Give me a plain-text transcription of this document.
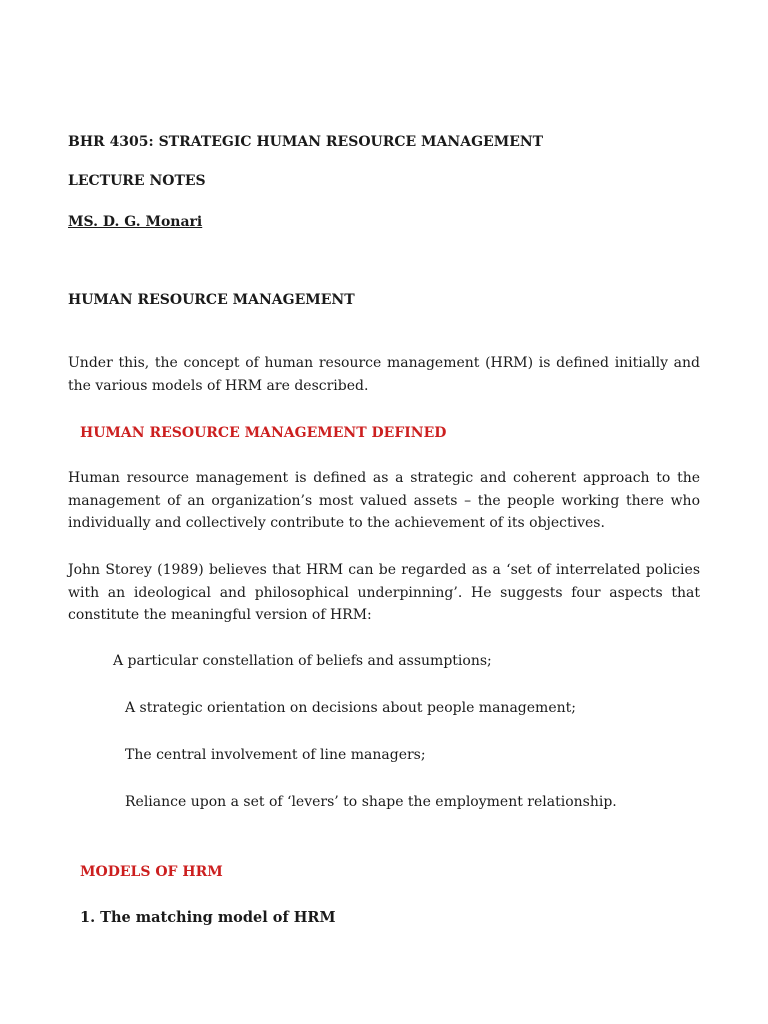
BHR 4305: STRATEGIC HUMAN RESOURCE MANAGEMENT
LECTURE NOTES
MS. D. G. Monari
HUMAN RESOURCE MANAGEMENT
Under this, the concept of human resource management (HRM) is defined initially and the various models of HRM are described.
HUMAN RESOURCE MANAGEMENT DEFINED
Human resource management is defined as a strategic and coherent approach to the management of an organization’s most valued assets – the people working there who individually and collectively contribute to the achievement of its objectives.
John Storey (1989) believes that HRM can be regarded as a ‘set of interrelated policies with an ideological and philosophical underpinning’. He suggests four aspects that constitute the meaningful version of HRM:
A particular constellation of beliefs and assumptions;
A strategic orientation on decisions about people management;
The central involvement of line managers;
Reliance upon a set of ‘levers’ to shape the employment relationship.
MODELS OF HRM
1. The matching model of HRM
